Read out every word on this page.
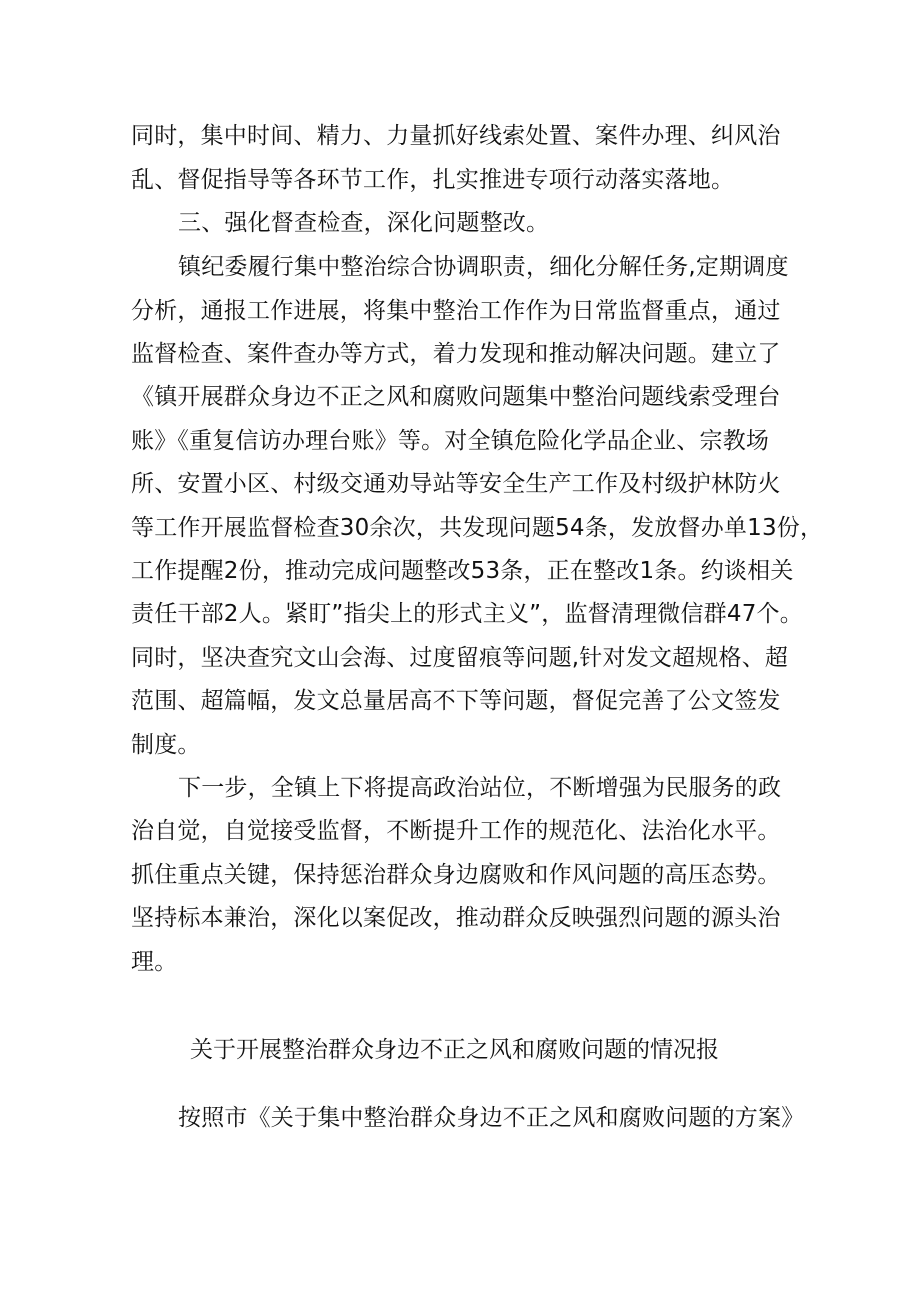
同时，集中时间、精力、力量抓好线索处置、案件办理、纠风治
乱、督促指导等各环节工作，扎实推进专项行动落实落地。
三、强化督查检查，深化问题整改。
镇纪委履行集中整治综合协调职责，细化分解任务,定期调度
分析，通报工作进展，将集中整治工作作为日常监督重点，通过
监督检查、案件查办等方式，着力发现和推动解决问题。建立了
《镇开展群众身边不正之风和腐败问题集中整治问题线索受理台
账》《重复信访办理台账》等。对全镇危险化学品企业、宗教场
所、安置小区、村级交通劝导站等安全生产工作及村级护林防火
等工作开展监督检查30余次，共发现问题54条，发放督办单13份，
工作提醒2份，推动完成问题整改53条，正在整改1条。约谈相关
责任干部2人。紧盯”指尖上的形式主义”，监督清理微信群47个。
同时，坚决查究文山会海、过度留痕等问题,针对发文超规格、超
范围、超篇幅，发文总量居高不下等问题，督促完善了公文签发
制度。
下一步，全镇上下将提高政治站位，不断增强为民服务的政
治自觉，自觉接受监督，不断提升工作的规范化、法治化水平。
抓住重点关键，保持惩治群众身边腐败和作风问题的高压态势。
坚持标本兼治，深化以案促改，推动群众反映强烈问题的源头治
理。
关于开展整治群众身边不正之风和腐败问题的情况报
按照市《关于集中整治群众身边不正之风和腐败问题的方案》
